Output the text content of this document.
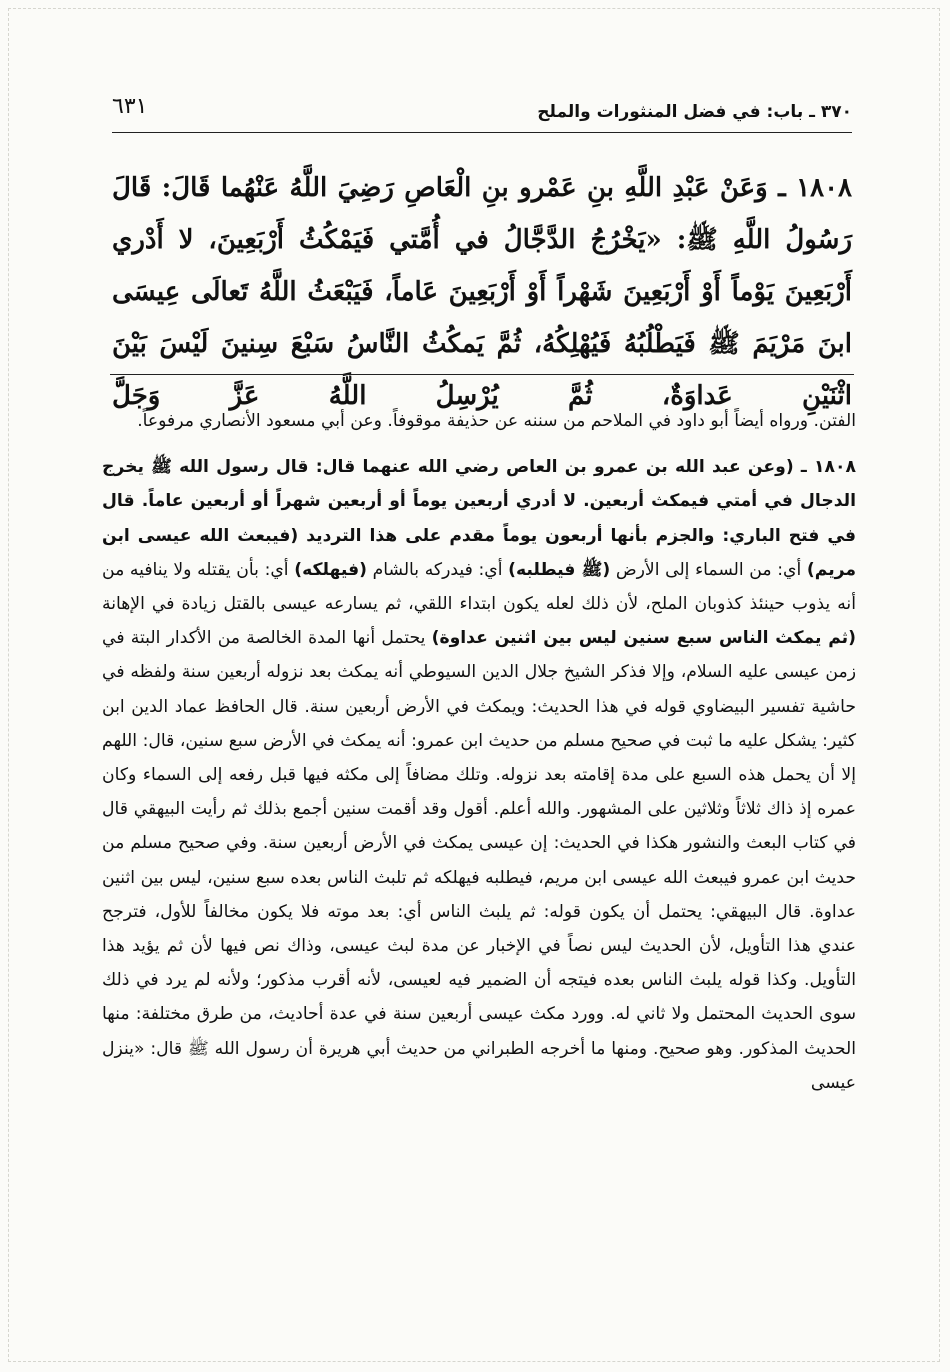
٣٧٠ ـ باب: في فضل المنثورات والملح
٦٣١

١٨٠٨ ـ وَعَنْ عَبْدِ اللَّهِ بنِ عَمْرو بنِ الْعَاصِ رَضِيَ اللَّهُ عَنْهُما قَالَ: قَالَ رَسُولُ اللَّهِ ﷺ: «يَخْرُجُ الدَّجَّالُ في أُمَّتي فَيَمْكُثُ أَرْبَعِينَ، لا أَدْري أَرْبَعِينَ يَوْماً أَوْ أَرْبَعِينَ شَهْراً أَوْ أَرْبَعِينَ عَاماً، فَيَبْعَثُ اللَّهُ تَعالَى عِيسَى ابنَ مَرْيَمَ ﷺ فَيَطْلُبُهُ فَيُهْلِكُهُ، ثُمَّ يَمكُثُ النَّاسُ سَبْعَ سِنينَ لَيْسَ بَيْنَ اثْنَيْنِ عَداوَةٌ، ثُمَّ يُرْسِلُ اللَّهُ عَزَّ وَجَلَّ

الفتن. ورواه أيضاً أبو داود في الملاحم من سننه عن حذيفة موقوفاً. وعن أبي مسعود الأنصاري مرفوعاً.

١٨٠٨ ـ (وعن عبد الله بن عمرو بن العاص رضي الله عنهما قال: قال رسول الله ﷺ يخرج الدجال في أمتي فيمكث أربعين. لا أدري أربعين يوماً أو أربعين شهراً أو أربعين عاماً. قال في فتح الباري: والجزم بأنها أربعون يوماً مقدم على هذا الترديد (فيبعث الله عيسى ابن مريم) أي: من السماء إلى الأرض (ﷺ فيطلبه) أي: فيدركه بالشام (فيهلكه) أي: بأن يقتله ولا ينافيه من أنه يذوب حينئذ كذوبان الملح، لأن ذلك لعله يكون ابتداء اللقي، ثم يسارعه عيسى بالقتل زيادة في الإهانة (ثم يمكث الناس سبع سنين ليس بين اثنين عداوة) يحتمل أنها المدة الخالصة من الأكدار البتة في زمن عيسى عليه السلام، وإلا فذكر الشيخ جلال الدين السيوطي أنه يمكث بعد نزوله أربعين سنة ولفظه في حاشية تفسير البيضاوي قوله في هذا الحديث: ويمكث في الأرض أربعين سنة. قال الحافظ عماد الدين ابن كثير: يشكل عليه ما ثبت في صحيح مسلم من حديث ابن عمرو: أنه يمكث في الأرض سبع سنين، قال: اللهم إلا أن يحمل هذه السبع على مدة إقامته بعد نزوله. وتلك مضافاً إلى مكثه فيها قبل رفعه إلى السماء وكان عمره إذ ذاك ثلاثاً وثلاثين على المشهور. والله أعلم. أقول وقد أقمت سنين أجمع بذلك ثم رأيت البيهقي قال في كتاب البعث والنشور هكذا في الحديث: إن عيسى يمكث في الأرض أربعين سنة. وفي صحيح مسلم من حديث ابن عمرو فيبعث الله عيسى ابن مريم، فيطلبه فيهلكه ثم تلبث الناس بعده سبع سنين، ليس بين اثنين عداوة. قال البيهقي: يحتمل أن يكون قوله: ثم يلبث الناس أي: بعد موته فلا يكون مخالفاً للأول، فترجح عندي هذا التأويل، لأن الحديث ليس نصاً في الإخبار عن مدة لبث عيسى، وذاك نص فيها لأن ثم يؤيد هذا التأويل. وكذا قوله يلبث الناس بعده فيتجه أن الضمير فيه لعيسى، لأنه أقرب مذكور؛ ولأنه لم يرد في ذلك سوى الحديث المحتمل ولا ثاني له. وورد مكث عيسى أربعين سنة في عدة أحاديث، من طرق مختلفة: منها الحديث المذكور. وهو صحيح. ومنها ما أخرجه الطبراني من حديث أبي هريرة أن رسول الله ﷺ قال: «ينزل عيسى
